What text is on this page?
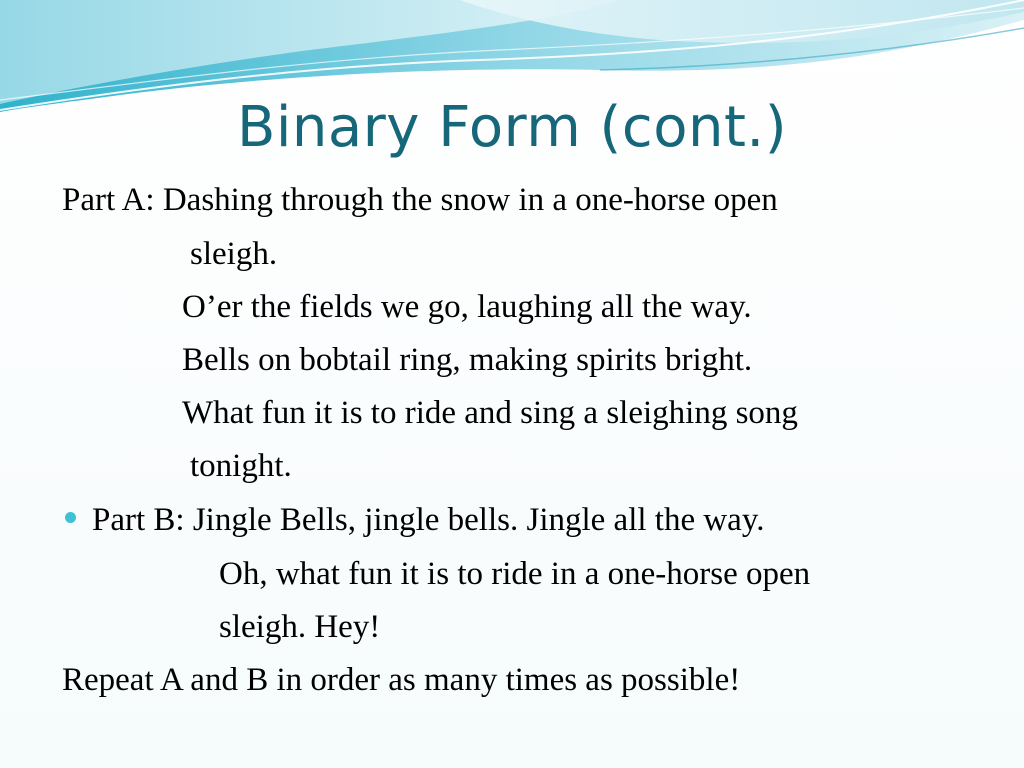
Binary Form (cont.)
Part A: Dashing through the snow in a one-horse open
sleigh.
O’er the fields we go, laughing all the way.
Bells on bobtail ring, making spirits bright.
What fun it is to ride and sing a sleighing song
tonight.
Part B: Jingle Bells, jingle bells. Jingle all the way.
Oh, what fun it is to ride in a one-horse open
sleigh. Hey!
Repeat A and B in order as many times as possible!
